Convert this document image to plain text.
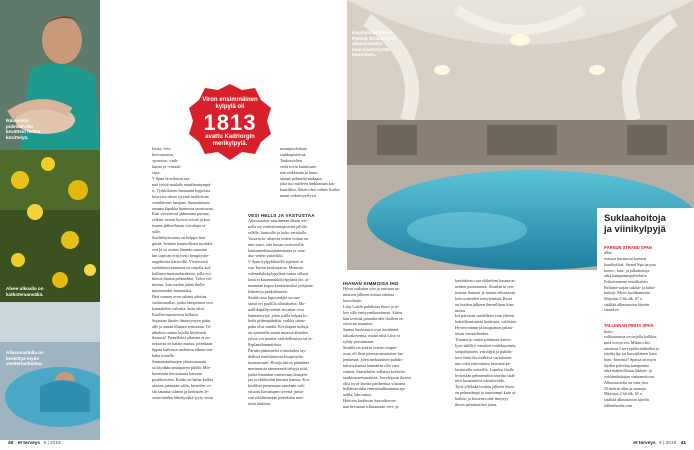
Ikäihmisiä
pidetään iho
kevättein hellää
käsittelyä.
Alvee ulkoalla on
katkotervanväliä.
Allasosastolla on
keskittyä myös
vesiterionhoitoa.
Viron ensimmäinen
kylpylä oli
1813
avattu Kadriorgin
merikylpylä.
lyista, vesi-
hieronnoista,
-poreista, -suih-
kuista ja -virtauk-
sista.
V Span lä erilaista saa-
naa viestä mailaile maailmanympä-
ri. Tyrkkilaisen hamamin leppoisia
hoyrysta sitten sytyntä tuokiossan
venäläiseen banjaan. Suomalainen
saunan kipakka kuumuus tasoituvan.
Kun viereisessä jäänsauna purtaat,
selkäsi vasten hyössä seisää ja kos-
teasen jäähtellassiu viivohuta si-
salle.
Suolahöyrisauna on helppo hen-
gittää. Seinien kuumollisen suolakit-
ven ja sii asteen lämmin saunaan
kin sopivan erityisesti hengitystie-
ongelmista kärsiville. Viereisessä
suolahöyrysaunassa on tarjolla kul-
hollinen merisuolaraketta, jolla voi
hieroa ihonsa pehmeäksi. Talvo voi-
mistuu, kun suolan jättää iholle
muutamaksi minuutiksi.
Heti saunan oven takana odottaa
suolavonallas, jonka lämpöinen vesi
kannattelee valvaita, kuin olisit
Kuolleessameressä kelluttu.
Sujautan ihtoite ilmaryynyyn pääsi
alle ja annan illuaten rentoutua. Tä-
täkohtia tuntuu kijalla höyheneh
ilmassa? Pienelleksi allasusa ei on-
nelaavat on katain mussa, jotenkaan
lippaa kaikessa nauhassa alkaan ren-
halta toinelle.
Saunamaailmojen yhteissaunoin
sa käydään ainaaparen päällä. Mie-
huommin tietoutuutta kaivaan
pyyhkeeseen. Koska en halua kulkia
alasten jasaunan välin, kiertelen ve-
sin saunata tolmen ja hentisten le-
seinä näiden lähettyvältä lyyty vesiä
neonipuoleltaan
suihkupisteissä.
Taukoutolien
vielä tovin kaitaisaan-
nan raikkautta ja huna-
saunat pehmeää maksata,
joka tuo mieleen lonkkaman kas-
kansiltiin. Siiten olen valmis lisäha-
maan vedenvyyelyyn.
VESI HELLII JA VASTUSTAA
Allasosaston suurimman altaan vet-
nolla on vesihierontapistettä jalolle,
selälle, hartioille ja koko vartalolle.
Vastavirta- altaessa veden voima on
niin suuri, että huvan sovitsevilla
karttumieltiasaanitnemana ja saaa-
duo veden virtavikki.
V Span kylpylähotelli sijaitsee ai-
van Tarton keskustassa. Monesta
valemalakskylypylanä tuttua sillassi
lasta ei kuuennukkikylpylänä ole, ai-
maanaan kapea kantotomaksi pohjatus-
leimeerja penkaltaneen.
Sisätiloissa hiposaukjia on run-
saasti eri puolilla allasaluetta. Mo-
naillikäpällyvierhet sitvaaiat ovat
lammentysjä, joten istilla kelpaa lu-
keila pidempäänkin, vaikka siitnu-
paku olisi märkä. Kevötäpää tueluja
on ojenteella muun muassa altaiden
joissa voi nauttia vadolollessisia tai te-
lleplamilammittissa.
Pärnän päätenteloi ronnoluden tay-
delliset tenilalaisessa hiuspöytän
huomassaan. Hotaja hiiroo päättänet
merimuisia sämmensiä tehtyjä riitä,
jonka hiratalan varmevaan hiuspöh-
jaa ja ehiöittelin hiusten kanssa. Kos-
keolihin pienesman sanotaan vali-
viisaan karvatupen tyvestä jaetta-
van rtkäläesmään pieneltäin mus-
tastä hiukista.
Kauniyhdät tunnat
Pärnun Strand Span
allasosastolle
neuvolantohyvän
tuomiseen.
IHANAN KIMMOISA IHO
Hyvin nukutun yön ja runsaan aa-
miaisen jälkeen minua odottaa
kasvohoito.
Liisa Lastik puhdistaa ihoni ja te-
kee sille entsyymikuorinnan. Sitten
hän levittää pinnalta-alle iholleni ra-
vitsevan naamion.
Saanet haokonsisi ovat kerääneet
taltuakosemia, mutta nitiä Liise et
ryhdy poistamaan.
Siruilla on joskin verran couper-
osaa, eli ihon pienvarotruusuten laa-
jentumaa, joten mekaanisen puhdis-
tuksen kanssa kannattaa olla varo-
vainen. Saastelulen sellaista korkeita
taarkunvarrvaudessa. Sovelujasin ihossa
olist hyvä laseita pariherttua viitouna
helläivaroidta ennynimilkeomma aja-
nelila, hän sanoo.
Hoitoon kuuluvan kasvohieron-
nan hevaiaan rillasantaan veri- ja
lymfakierto saa elähtelent kasma-ai-
neiden poistumista. Aloakin se ren-
touttaa ihanasti ja tuntuu tehostavan
hoitovoiteiden imeytymistä. Ihoni
on hoidon jälkeen ihmeellisen kim-
moisa.
Ios päiväsin saadelleen vain yhteen
kokoillemisiäeni hoidoista, valitsisin
Hyvinvoinnin ja tasapainon palaut-
tavan vartalohoidon.
Tiiontorja varttie pittitmen kasvo-
lyyn iäälllyy vartalon voidekuorinta,
saripohjainen, yrttiöljyä ja puhdis-
tava fenkolia sisältävä vartalonaa-
mio sekä rentouttava hieronta pe-
lasttavalla voiteella. Lopuksi iholle
levitetään pehmentävä aineitta sisäl-
tävä kosteuttava vartalovoide.
Työä yllöksäa hoidon jälkeen ihoni
on pehmeämpi ja tasaisempi kuin ai-
koihin, ja kosteusvoide imeytyy
ihoon petramoitien joina.
Suklaahoitoja
ja viinikylpyjä

PÄRNUN STRAND SPAN
allas-
osastoa koristavat komeat
kaarikyiikät. Strand Spa tarjoaa
kasvo-, käsi- ja jalkahoitoja
sekä kampaamopalveluita.
Erikoisuutena rentalkaisen
Bellami-sarjan suklaa- ja kulta-
hoitoja. Myös suolakammio.
Majoitus 2 hh alk. 67 e,
sisältää allasosaston käytön.

strand.ee

TALLINNAN PIRITA SPAN
hoito-
valikoimassa on tarjolla kalkkia,
mitä toivoa voi. Mikan olisi
saunassa Lux-rypäleviinikäden ja
viinikylpy tai havaijilainen lomi
lomi -hieronta? Spassa on myös
täyden palvelun kampaamo
sekä mahdollisuus läkkäri- ja
vaivaenhoitajan vastaanottoon.
Allasosastolta on vain yksi
25 metrin allas ja saunoja.
Majoitus 2 hh alk. 65 e,
sisältää allasosaston käytön.

tallinnhotels.com
40 et terveys 9 | 2018	et terveys 9 | 2018 41
